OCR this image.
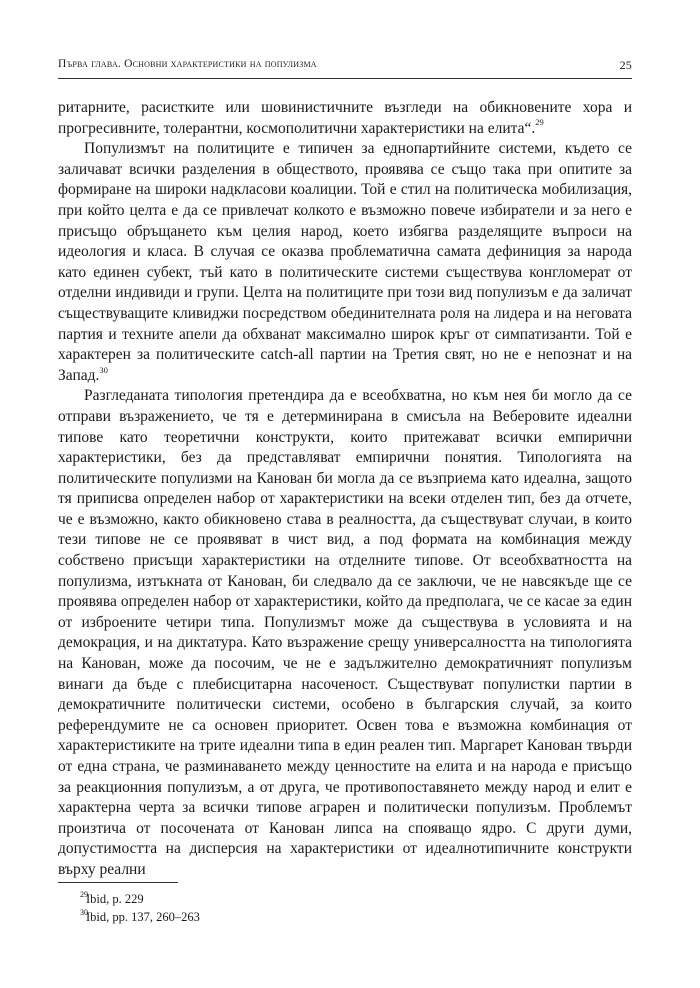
Първа глава. Основни характеристики на популизма	25

ритарните, расистките или шовинистичните възгледи на обикновените хора и прогресивните, толерантни, космополитични характеристики на елита“.$^{29}$

Популизмът на политиците е типичен за еднопартийните системи, където се заличават всички разделения в обществото, проявява се също така при опитите за формиране на широки надкласови коалиции. Той е стил на политическа мобилизация, при който целта е да се привлечат колкото е възможно повече избиратели и за него е присъщо обръщането към целия народ, което избягва разделящите въпроси на идеология и класа. В случая се оказва проблематична самата дефиниция за народа като единен субект, тъй като в политическите системи съществува конгломерат от отделни индивиди и групи. Целта на политиците при този вид популизъм е да заличат съществуващите кливиджи посредством обединителната роля на лидера и на неговата партия и техните апели да обхванат максимално широк кръг от симпатизанти. Той е характерен за политическите catch-all партии на Третия свят, но не е непознат и на Запад.$^{30}$

Разгледаната типология претендира да е всеобхватна, но към нея би могло да се отправи възражението, че тя е детерминирана в смисъла на Веберовите идеални типове като теоретични конструкти, които притежават всички емпирични характеристики, без да представляват емпирични понятия. Типологията на политическите популизми на Канован би могла да се възприема като идеална, защото тя приписва определен набор от характеристики на всеки отделен тип, без да отчете, че е възможно, както обикновено става в реалността, да съществуват случаи, в които тези типове не се проявяват в чист вид, а под формата на комбинация между собствено присъщи характеристики на отделните типове. От всеобхватността на популизма, изтъкната от Канован, би следвало да се заключи, че не навсякъде ще се проявява определен набор от характеристики, който да предполага, че се касае за един от изброените четири типа. Популизмът може да съществува в условията и на демокрация, и на диктатура. Като възражение срещу универсалността на типологията на Канован, може да посочим, че не е задължително демократичният популизъм винаги да бъде с плебисцитарна насоченост. Съществуват популистки партии в демократичните политически системи, особено в българския случай, за които референдумите не са основен приоритет. Освен това е възможна комбинация от характеристиките на трите идеални типа в един реален тип. Маргарет Канован твърди от една страна, че разминаването между ценностите на елита и на народа е присъщо за реакционния популизъм, а от друга, че противопоставянето между народ и елит е характерна черта за всички типове аграрен и политически популизъм. Проблемът произтича от посочената от Канован липса на спояващо ядро. С други думи, допустимостта на дисперсия на характеристики от идеалнотипичните конструкти върху реални

29
Ibid, p. 229
30
Ibid, pp. 137, 260–263
